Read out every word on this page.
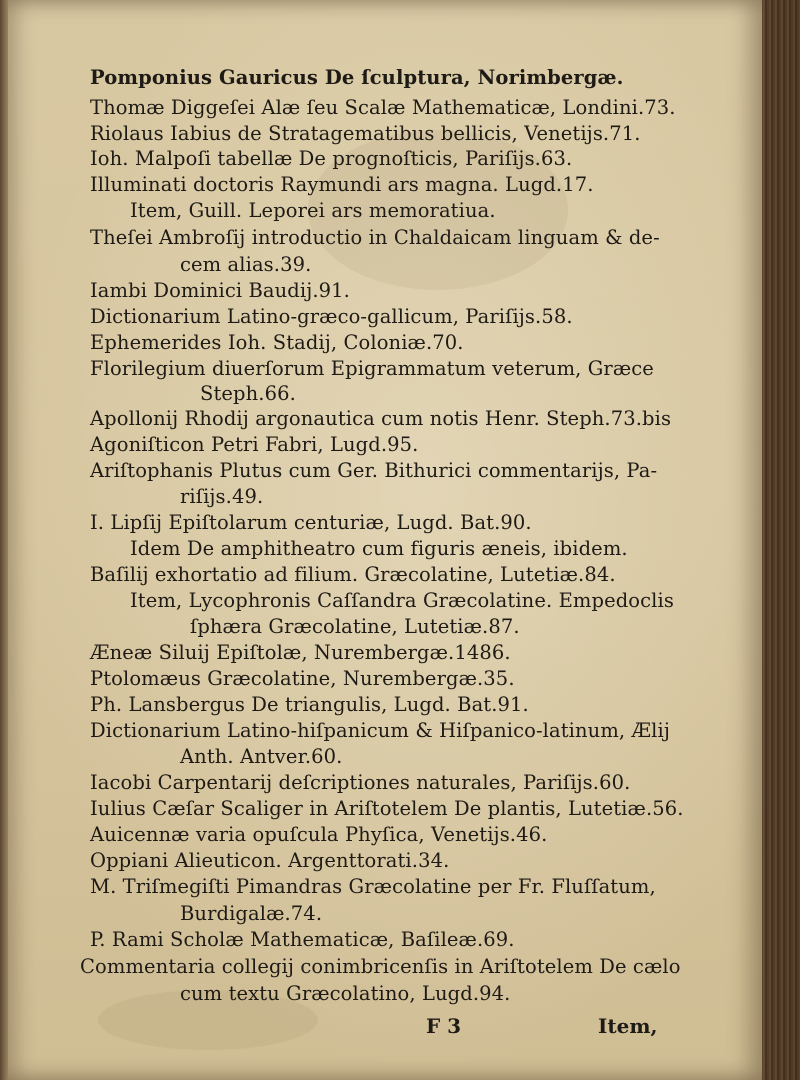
Pomponius Gauricus De ſculptura, Norimbergæ.
Thomæ Diggeſei Alæ ſeu Scalæ Mathematicæ, Londini.73.
Riolaus Iabius de Stratagematibus bellicis, Venetijs.71.
Ioh. Malpoſi tabellæ De prognoſticis, Pariſijs.63.
Illuminati doctoris Raymundi ars magna. Lugd.17.
Item, Guill. Leporei ars memoratiua.
Theſei Ambroſij introductio in Chaldaicam linguam & de-
cem alias.39.
Iambi Dominici Baudij.91.
Dictionarium Latino-græco-gallicum, Pariſijs.58.
Ephemerides Ioh. Stadij, Coloniæ.70.
Florilegium diuerſorum Epigrammatum veterum, Græce
Steph.66.
Apollonij Rhodij argonautica cum notis Henr. Steph.73.bis
Agoniſticon Petri Fabri, Lugd.95.
Ariſtophanis Plutus cum Ger. Bithurici commentarijs, Pa-
riſijs.49.
I. Lipſij Epiſtolarum centuriæ, Lugd. Bat.90.
Idem De amphitheatro cum figuris æneis, ibidem.
Baſilij exhortatio ad filium. Græcolatine, Lutetiæ.84.
Item, Lycophronis Caſſandra Græcolatine. Empedoclis
ſphæra Græcolatine, Lutetiæ.87.
Æneæ Siluij Epiſtolæ, Nurembergæ.1486.
Ptolomæus Græcolatine, Nurembergæ.35.
Ph. Lansbergus De triangulis, Lugd. Bat.91.
Dictionarium Latino-hiſpanicum & Hiſpanico-latinum, Ælij
Anth. Antver.60.
Iacobi Carpentarij deſcriptiones naturales, Pariſijs.60.
Iulius Cæſar Scaliger in Ariſtotelem De plantis, Lutetiæ.56.
Auicennæ varia opuſcula Phyſica, Venetijs.46.
Oppiani Alieuticon. Argenttorati.34.
M. Triſmegiſti Pimandras Græcolatine per Fr. Fluſſatum,
Burdigalæ.74.
P. Rami Scholæ Mathematicæ, Baſileæ.69.
Commentaria collegij conimbricenſis in Ariſtotelem De cælo
cum textu Græcolatino, Lugd.94.
F 3	Item,
